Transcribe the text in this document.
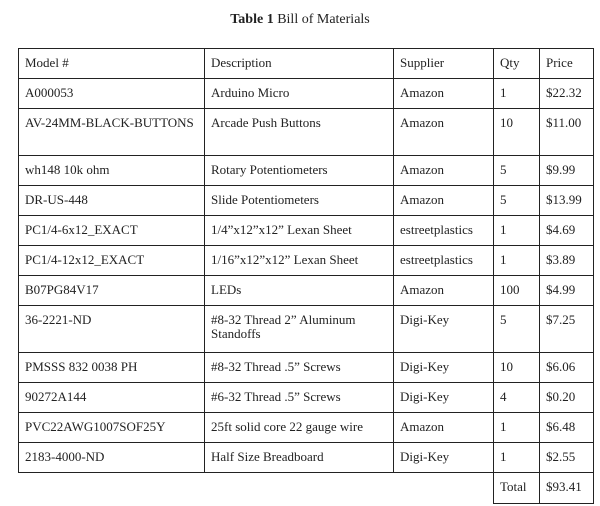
Table 1 Bill of Materials
Model #	Description	Supplier	Qty	Price
A000053	Arduino Micro	Amazon	1	$22.32
AV-24MM-BLACK-BUTTONS	Arcade Push Buttons	Amazon	10	$11.00
wh148 10k ohm	Rotary Potentiometers	Amazon	5	$9.99
DR-US-448	Slide Potentiometers	Amazon	5	$13.99
PC1/4-6x12_EXACT	1/4”x12”x12” Lexan Sheet	estreetplastics	1	$4.69
PC1/4-12x12_EXACT	1/16”x12”x12” Lexan Sheet	estreetplastics	1	$3.89
B07PG84V17	LEDs	Amazon	100	$4.99
36-2221-ND	#8-32 Thread 2” Aluminum Standoffs	Digi-Key	5	$7.25
PMSSS 832 0038 PH	#8-32 Thread .5” Screws	Digi-Key	10	$6.06
90272A144	#6-32 Thread .5” Screws	Digi-Key	4	$0.20
PVC22AWG1007SOF25Y	25ft solid core 22 gauge wire	Amazon	1	$6.48
2183-4000-ND	Half Size Breadboard	Digi-Key	1	$2.55
			Total	$93.41
